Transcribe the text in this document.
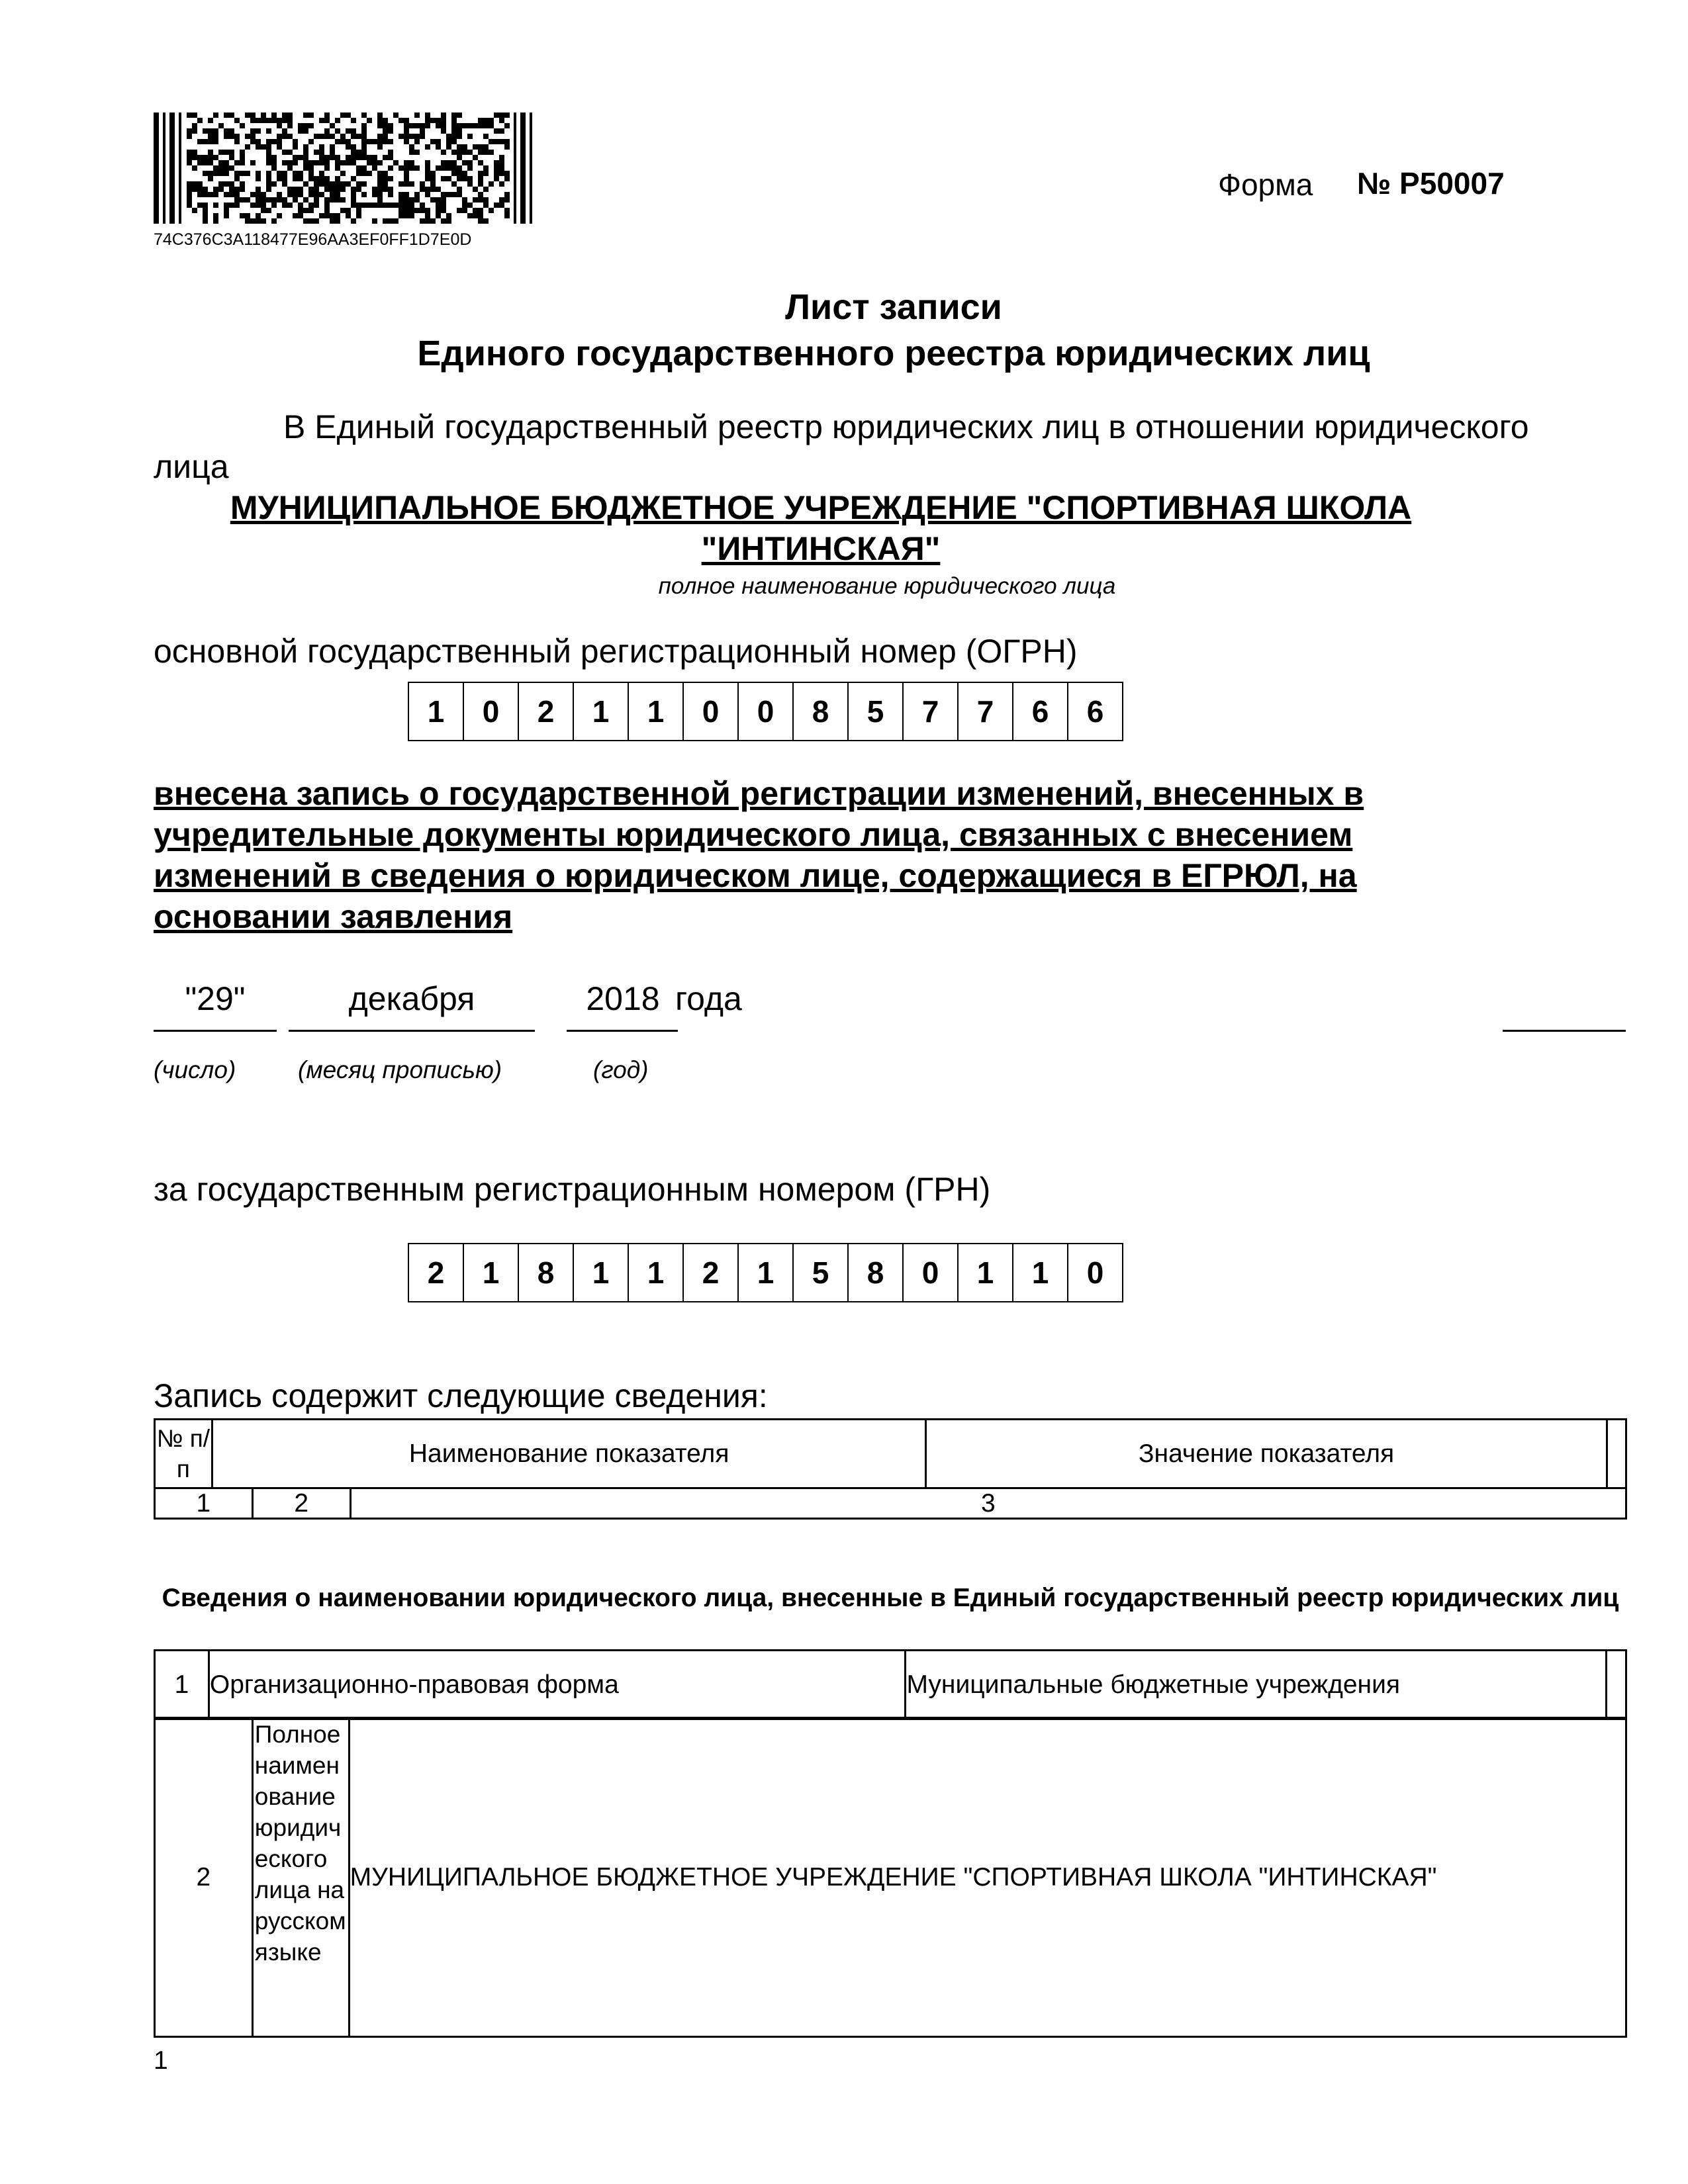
74C376C3A118477E96AA3EF0FF1D7E0D
Форма № Р50007
Лист записи
Единого государственного реестра юридических лиц
В Единый государственный реестр юридических лиц в отношении юридического
лица
МУНИЦИПАЛЬНОЕ БЮДЖЕТНОЕ УЧРЕЖДЕНИЕ "СПОРТИВНАЯ ШКОЛА
"ИНТИНСКАЯ"
полное наименование юридического лица
основной государственный регистрационный номер (ОГРН)
1	0	2	1	1	0	0	8	5	7	7	6	6
внесена запись о государственной регистрации изменений, внесенных в
учредительные документы юридического лица, связанных с внесением
изменений в сведения о юридическом лице, содержащиеся в ЕГРЮЛ, на
основании заявления
"29"	декабря	2018 года
(число)	(месяц прописью)	(год)
за государственным регистрационным номером (ГРН)
2	1	8	1	1	2	1	5	8	0	1	1	0
Запись содержит следующие сведения:
№ п/п	Наименование показателя	Значение показателя	
1	2	3
Сведения о наименовании юридического лица, внесенные в Единый государственный реестр юридических лиц
1	Организационно-правовая форма	Муниципальные бюджетные учреждения	
2	Полное наименование юридического лица на русском языке	МУНИЦИПАЛЬНОЕ БЮДЖЕТНОЕ УЧРЕЖДЕНИЕ "СПОРТИВНАЯ ШКОЛА "ИНТИНСКАЯ"
1
